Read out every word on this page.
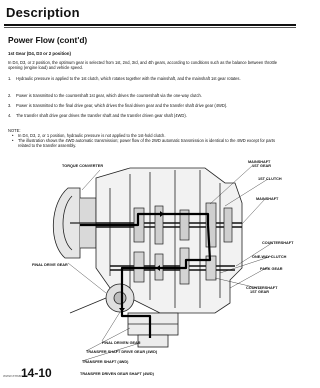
Description
Power Flow (cont'd)
1st Gear (D4, D3 or 2 position)
In D4, D3, or 2 position, the optimum gear is selected from 1st, 2nd, 3rd, and 4th gears, according to conditions such as the balance between throttle opening (engine load) and vehicle speed.
1.	Hydraulic pressure is applied to the 1st clutch, which rotates together with the mainshaft, and the mainshaft 1st gear rotates.
2.	Power is transmitted to the countershaft 1st gear, which drives the countershaft via the one-way clutch.
3.	Power is transmitted to the final drive gear, which drives the final driven gear and the transfer shaft drive gear (4WD).
4.	The transfer shaft drive gear drives the transfer shaft and the transfer driven gear shaft (4WD).
NOTE:
•	In D4, D3, 2, or 1 position, hydraulic pressure is not applied to the 1st-hold clutch.
•	The illustration shows the 4WD automatic transmission; power flow of the 2WD automatic transmission is identical to the 4WD except for parts related to the transfer assembly.
TORQUE CONVERTER
MAINSHAFT
1ST GEAR
1ST CLUTCH
MAINSHAFT
COUNTERSHAFT
ONE-WAY CLUTCH
FINAL DRIVE GEAR
PARK GEAR
COUNTERSHAFT
1ST GEAR
FINAL DRIVEN GEAR
TRANSFER SHAFT DRIVE GEAR (4WD)
TRANSFER SHAFT (4WD)
TRANSFER DRIVEN GEAR SHAFT (4WD)
www.emanual
14-10
